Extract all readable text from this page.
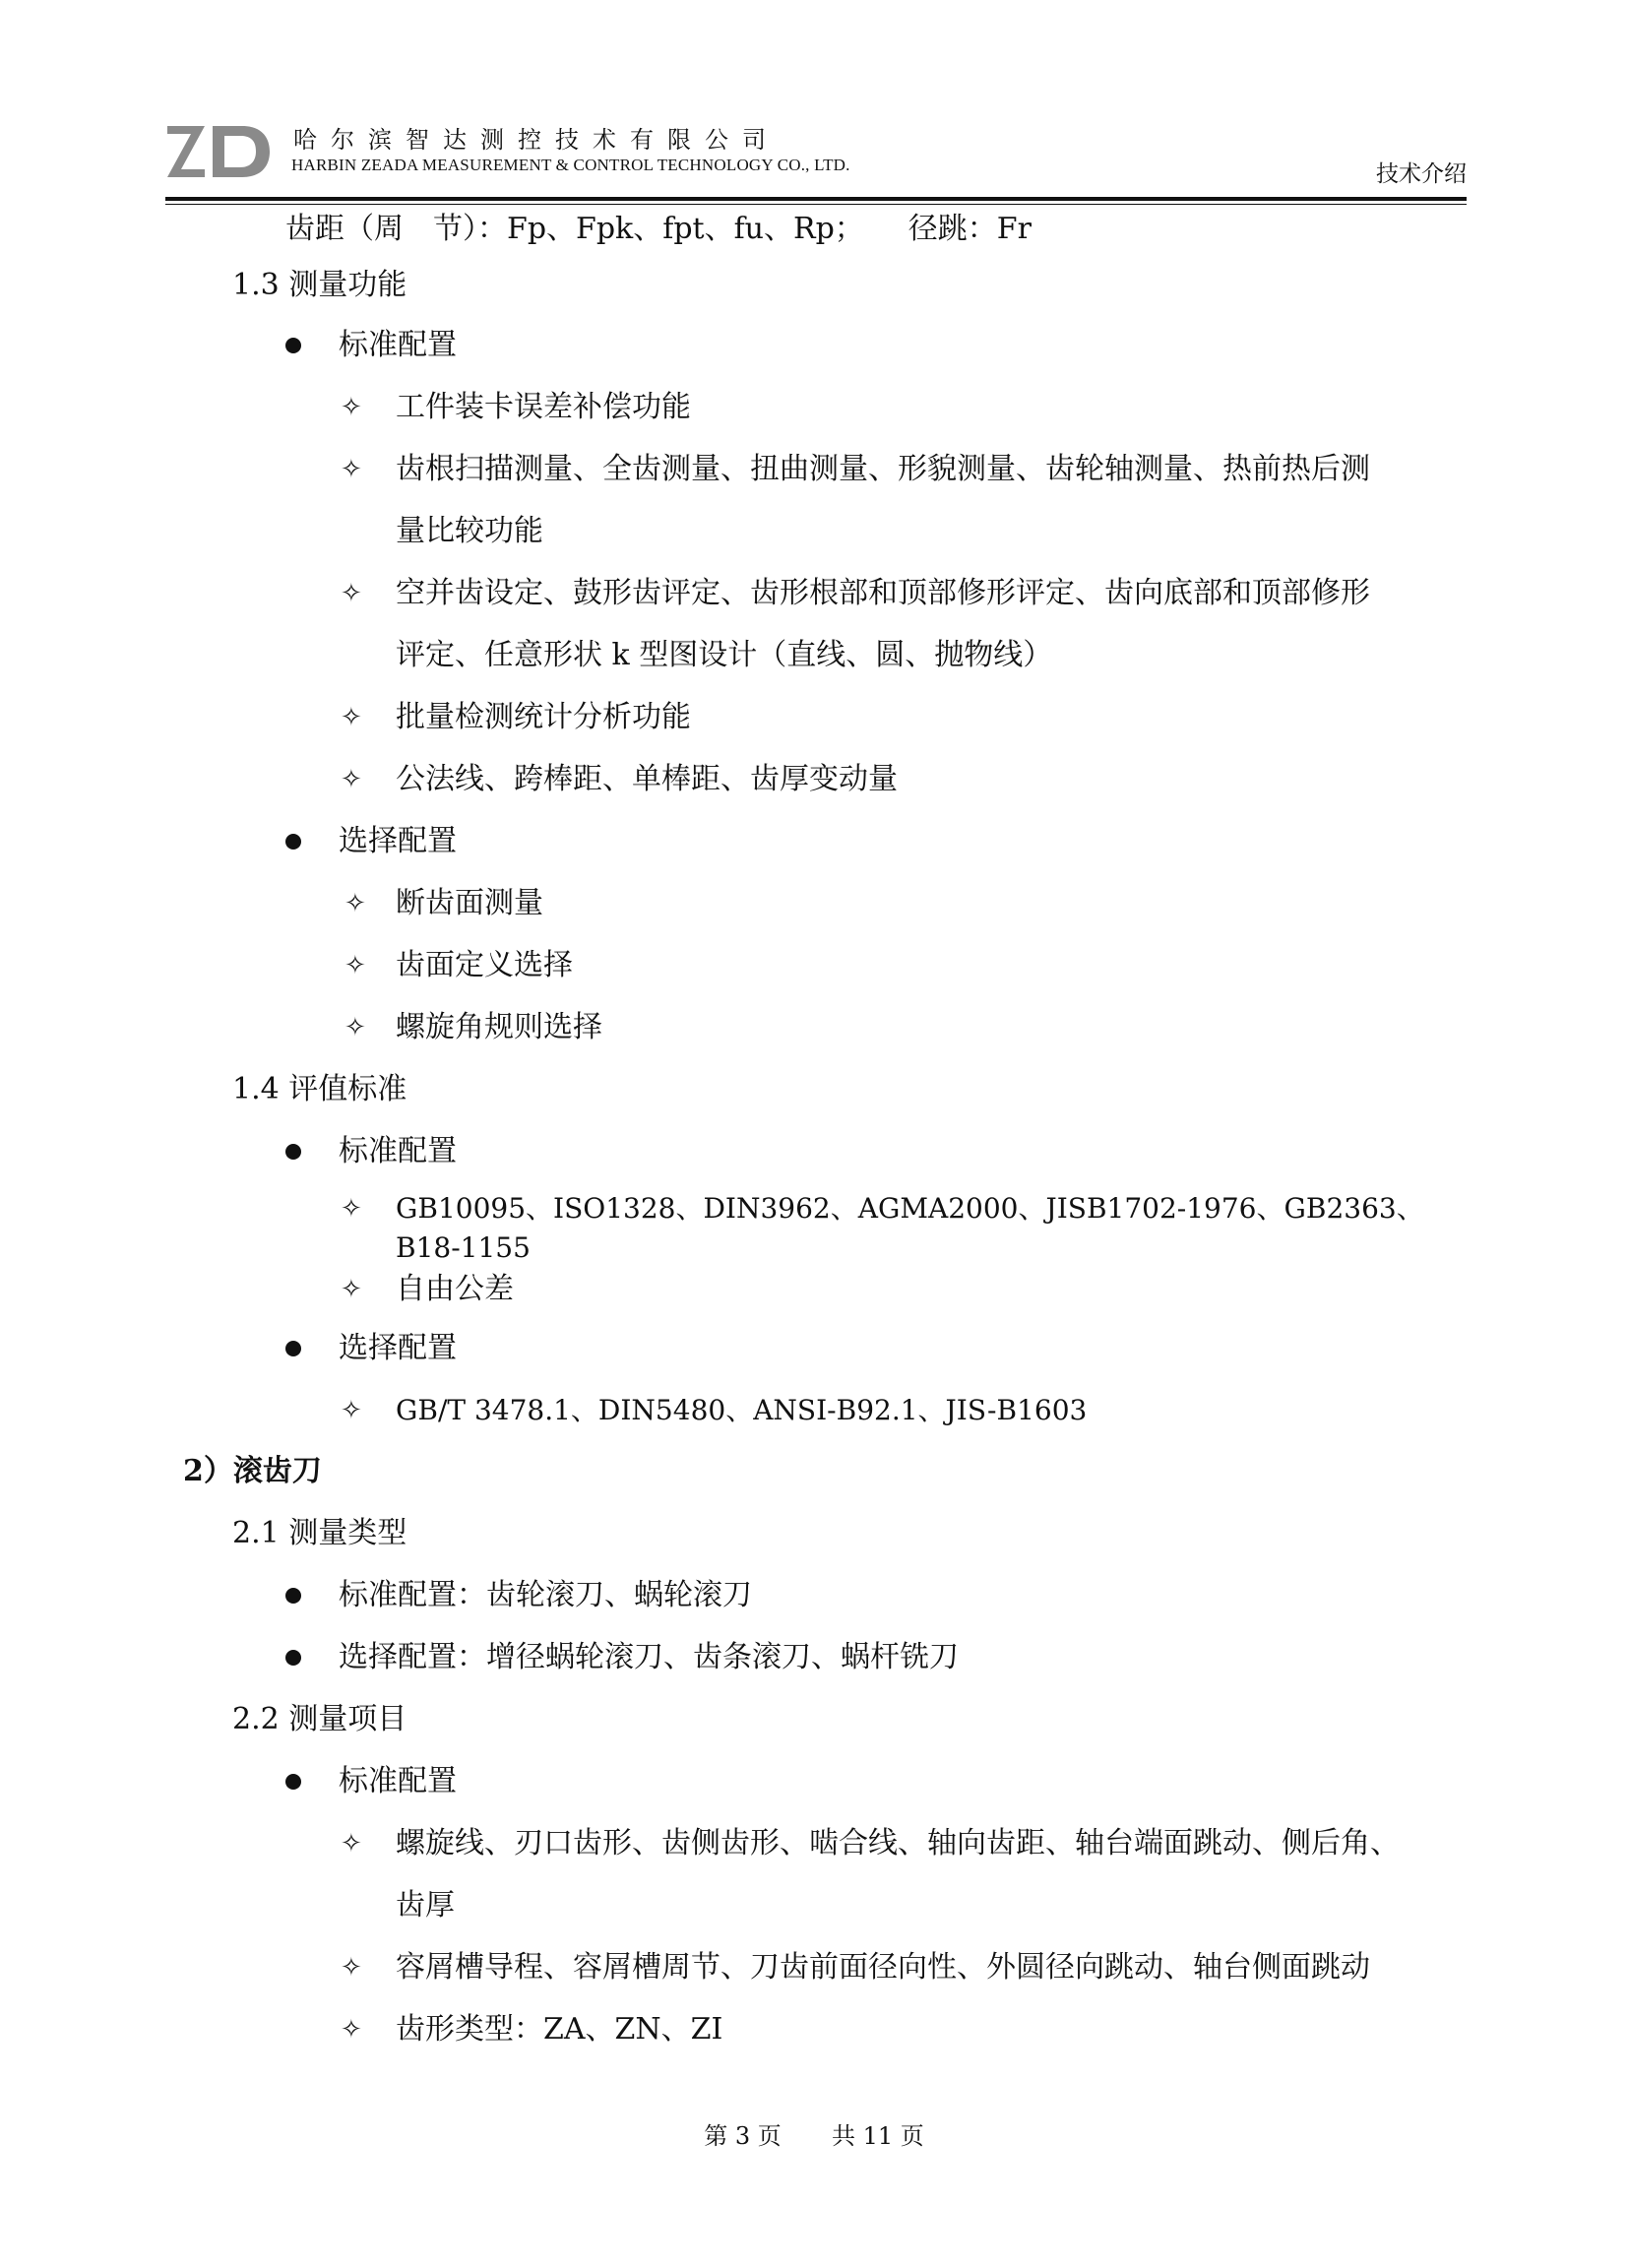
哈尔滨智达测控技术有限公司
HARBIN ZEADA MEASUREMENT & CONTROL TECHNOLOGY CO., LTD.	技术介绍
齿距（周　节）：Fp、Fpk、fpt、fu、Rp；　　径跳：Fr
1.3 测量功能
标准配置
✧ 工件装卡误差补偿功能
✧ 齿根扫描测量、全齿测量、扭曲测量、形貌测量、齿轮轴测量、热前热后测
量比较功能
✧ 空并齿设定、鼓形齿评定、齿形根部和顶部修形评定、齿向底部和顶部修形
评定、任意形状 k 型图设计（直线、圆、抛物线）
✧ 批量检测统计分析功能
✧ 公法线、跨棒距、单棒距、齿厚变动量
选择配置
✧ 断齿面测量
✧ 齿面定义选择
✧ 螺旋角规则选择
1.4 评值标准
标准配置
✧ GB10095、ISO1328、DIN3962、AGMA2000、JISB1702-1976、GB2363、
B18-1155
✧ 自由公差
选择配置
✧ GB/T 3478.1、DIN5480、ANSI-B92.1、JIS-B1603
2）滚齿刀
2.1 测量类型
标准配置：齿轮滚刀、蜗轮滚刀
选择配置：增径蜗轮滚刀、齿条滚刀、蜗杆铣刀
2.2 测量项目
标准配置
✧ 螺旋线、刃口齿形、齿侧齿形、啮合线、轴向齿距、轴台端面跳动、侧后角、
齿厚
✧ 容屑槽导程、容屑槽周节、刀齿前面径向性、外圆径向跳动、轴台侧面跳动
✧ 齿形类型：ZA、ZN、ZI
第 3 页 共 11 页
